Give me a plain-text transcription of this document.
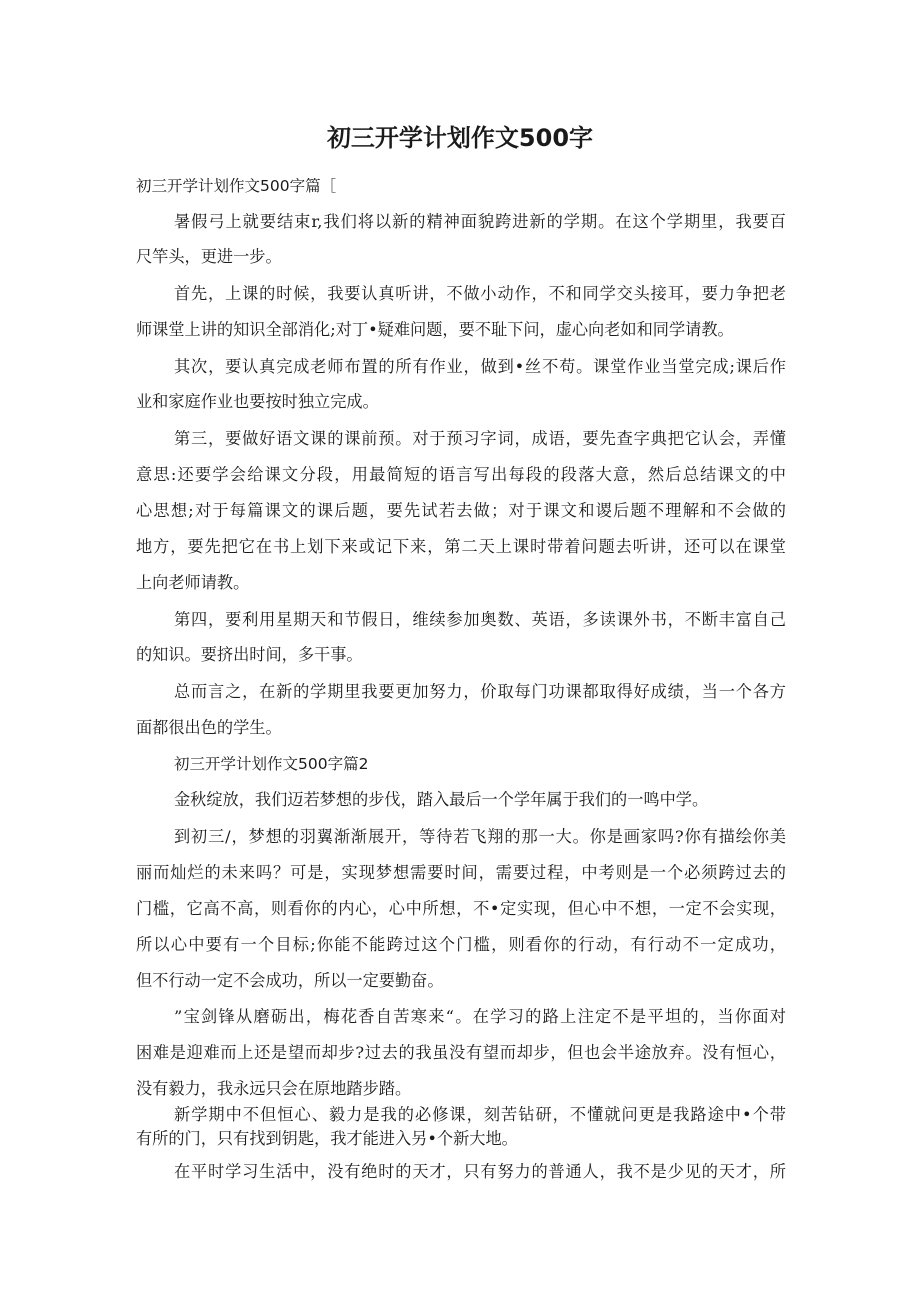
初三开学计划作文500字
初三开学计划作文500字篇［
暑假弓上就要结束r,我们将以新的精神面貌跨进新的学期。在这个学期里，我要百
尺竿头，更进一步。
首先，上课的时候，我要认真听讲，不做小动作，不和同学交头接耳，要力争把老
师课堂上讲的知识全部消化;对丁•疑难问题，要不耻下问，虚心向老如和同学请教。
其次，要认真完成老师布置的所有作业，做到•丝不苟。课堂作业当堂完成;课后作
业和家庭作业也要按时独立完成。
第三，要做好语文课的课前预。对于预习字词，成语，要先查字典把它认会，弄懂
意思:还要学会给课文分段，用最简短的语言写出每段的段落大意，然后总结课文的中
心思想;对于每篇课文的课后题，要先试若去做；对于课文和谡后题不理解和不会做的
地方，要先把它在书上划下来或记下来，第二天上课时带着问题去听讲，还可以在课堂
上向老师请教。
第四，要利用星期天和节假日，维续参加奥数、英语，多读课外书，不断丰富自己
的知识。要挤出时间，多干事。
总而言之，在新的学期里我要更加努力，价取每门功课都取得好成绩，当一个各方
面都很出色的学生。
初三开学计划作文500字篇2
金秋绽放，我们迈若梦想的步伐，踏入最后一个学年属于我们的一鸣中学。
到初三/，梦想的羽翼渐渐展开，等待若飞翔的那一大。你是画家吗?你有描绘你美
丽而灿烂的未来吗？可是，实现梦想需要时间，需要过程，中考则是一个必须跨过去的
门槛，它高不高，则看你的内心，心中所想，不•定实现，但心中不想，一定不会实现，
所以心中要有一个目标;你能不能跨过这个门槛，则看你的行动，有行动不一定成功，
但不行动一定不会成功，所以一定要勤奋。
”宝剑锋从磨砺出，梅花香自苦寒来“。在学习的路上注定不是平坦的，当你面对
困难是迎难而上还是望而却步?过去的我虽没有望而却步，但也会半途放弃。没有恒心，
没有毅力，我永远只会在原地踏步踏。
新学期中不但恒心、毅力是我的必修课，刻苦钻研，不懂就问更是我路途中•个带
有所的门，只有找到钥匙，我才能进入另•个新大地。
在平时学习生活中，没有绝时的天才，只有努力的普通人，我不是少见的天才，所
